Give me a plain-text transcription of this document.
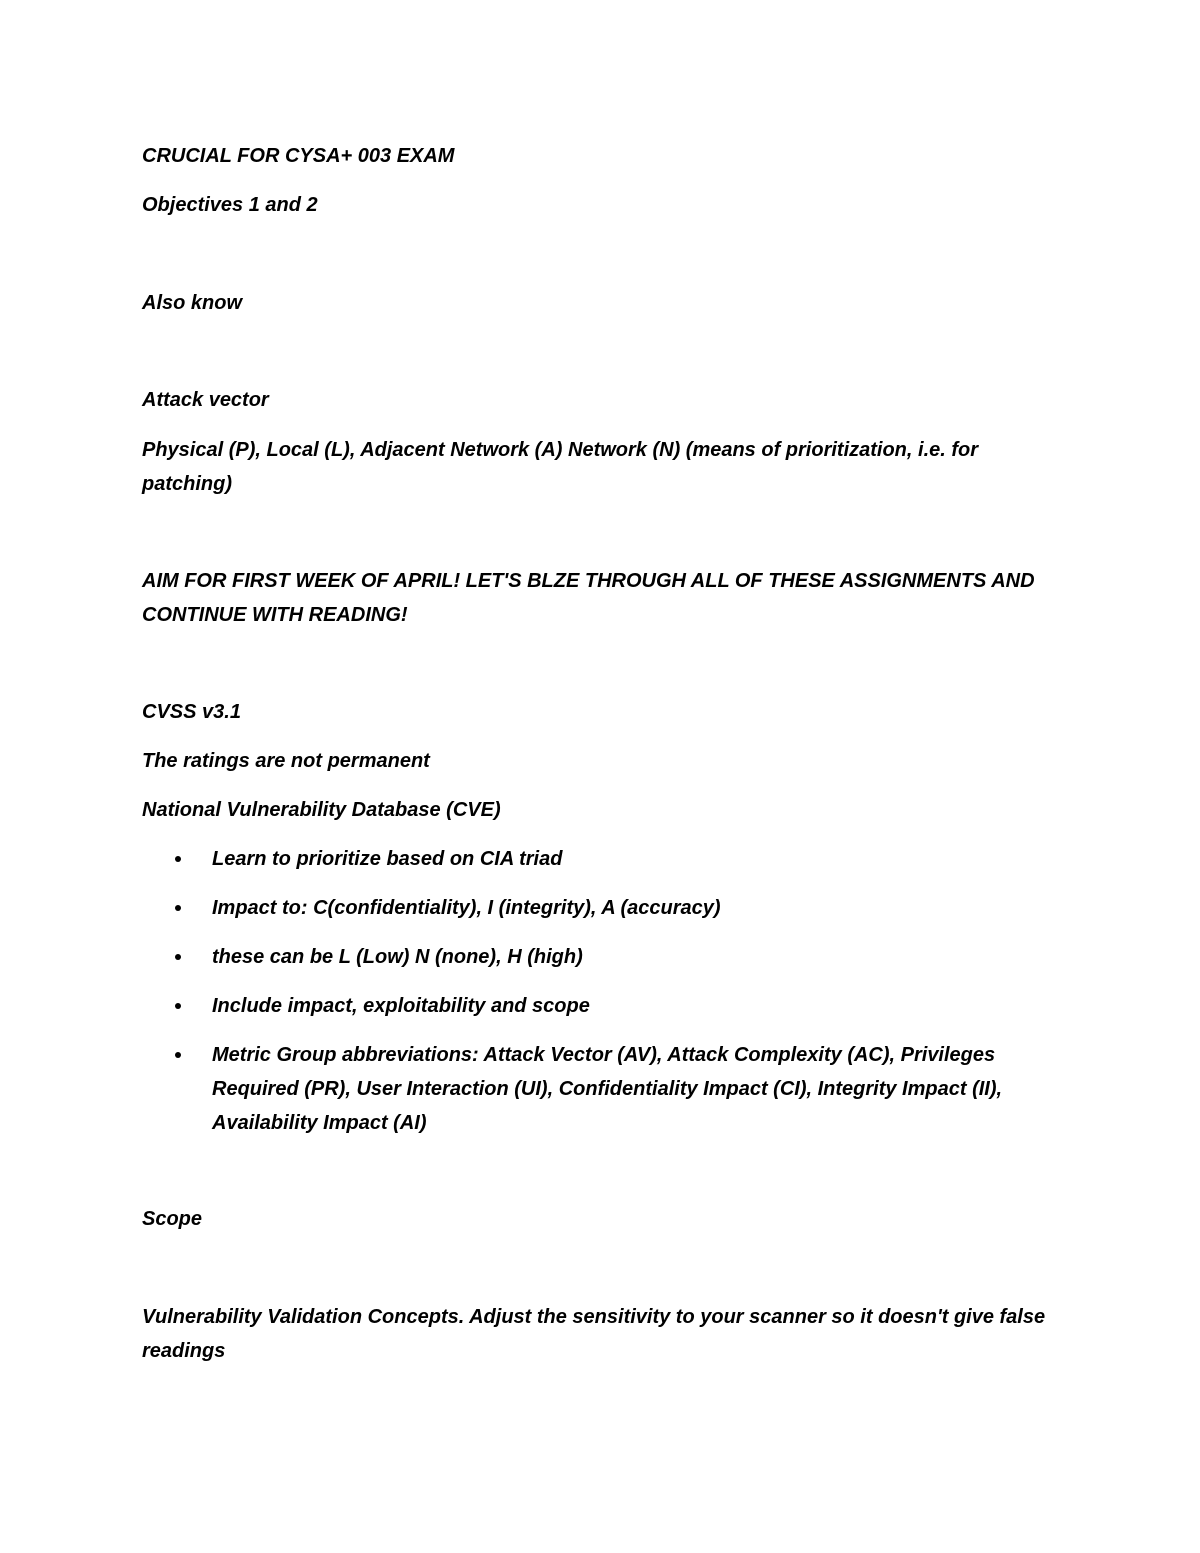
CRUCIAL FOR CYSA+ 003 EXAM

Objectives 1 and 2

Also know

Attack vector

Physical (P), Local (L), Adjacent Network (A) Network (N) (means of prioritization, i.e. for patching)

AIM FOR FIRST WEEK OF APRIL! LET'S BLZE THROUGH ALL OF THESE ASSIGNMENTS AND CONTINUE WITH READING!

CVSS v3.1

The ratings are not permanent

National Vulnerability Database (CVE)

Learn to prioritize based on CIA triad
Impact to: C(confidentiality), I (integrity), A (accuracy)
these can be L (Low) N (none), H (high)
Include impact, exploitability and scope
Metric Group abbreviations: Attack Vector (AV), Attack Complexity (AC), Privileges Required (PR), User Interaction (UI), Confidentiality Impact (CI), Integrity Impact (II), Availability Impact (AI)

Scope

Vulnerability Validation Concepts. Adjust the sensitivity to your scanner so it doesn't give false readings
